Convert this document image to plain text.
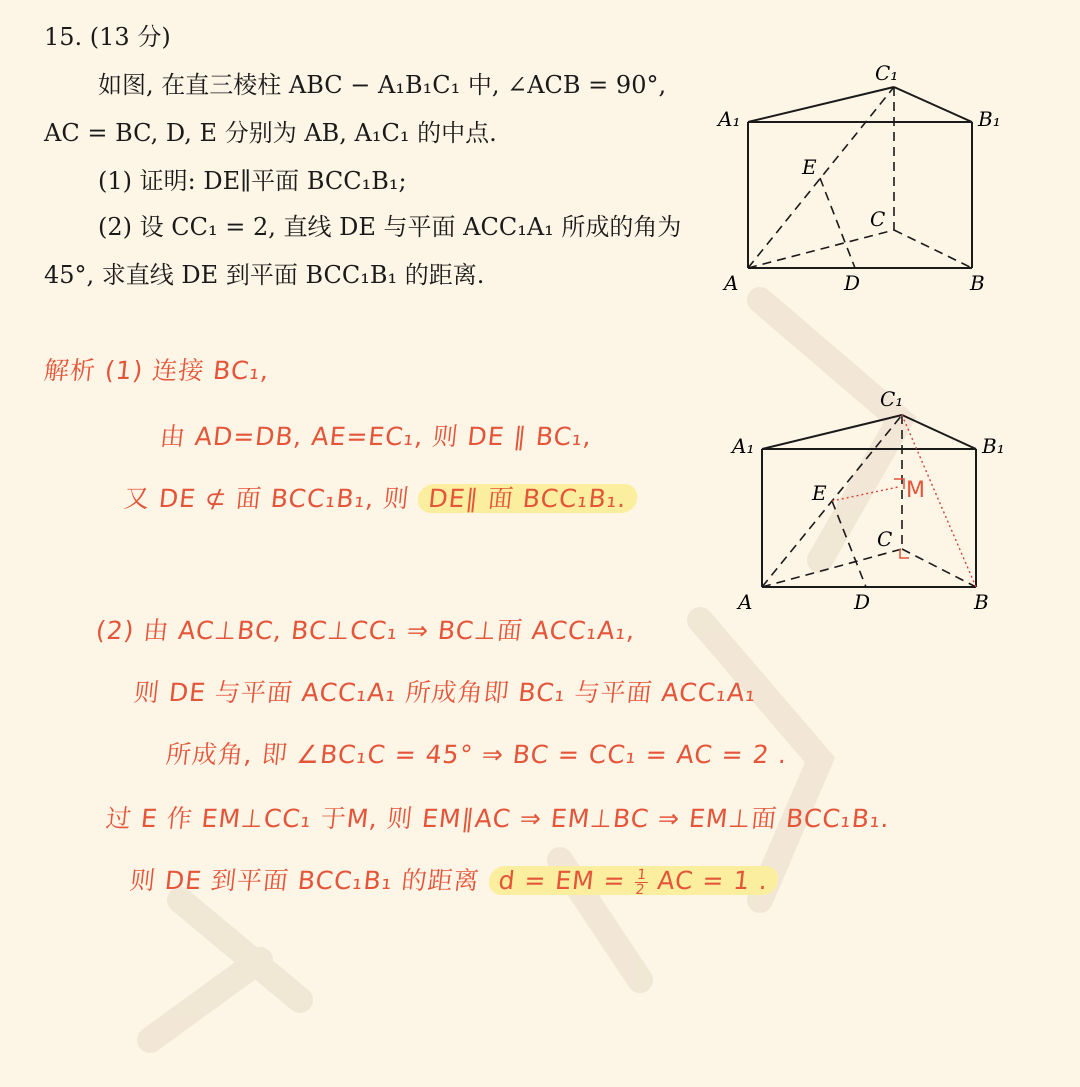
15. (13 分)
如图, 在直三棱柱 ABC − A₁B₁C₁ 中, ∠ACB = 90°,
AC = BC, D, E 分别为 AB, A₁C₁ 的中点.
(1) 证明: DE∥平面 BCC₁B₁;
(2) 设 CC₁ = 2, 直线 DE 与平面 ACC₁A₁ 所成的角为
45°, 求直线 DE 到平面 BCC₁B₁ 的距离.
C₁
A₁	B₁
E
C
A	D	B
C₁
A₁	B₁
E	M
C
A	D	B
解析 (1) 连接 BC₁,
由 AD=DB, AE=EC₁, 则 DE ∥ BC₁,
又 DE ⊄ 面 BCC₁B₁, 则 DE∥ 面 BCC₁B₁.
(2) 由 AC⊥BC, BC⊥CC₁ ⇒ BC⊥面 ACC₁A₁,
则 DE 与平面 ACC₁A₁ 所成角即 BC₁ 与平面 ACC₁A₁
所成角, 即 ∠BC₁C = 45° ⇒ BC = CC₁ = AC = 2 .
过 E 作 EM⊥CC₁ 于M, 则 EM∥AC ⇒ EM⊥BC ⇒ EM⊥面 BCC₁B₁.
则 DE 到平面 BCC₁B₁ 的距离 d = EM = $\frac{1}{2}$ AC = 1 .
